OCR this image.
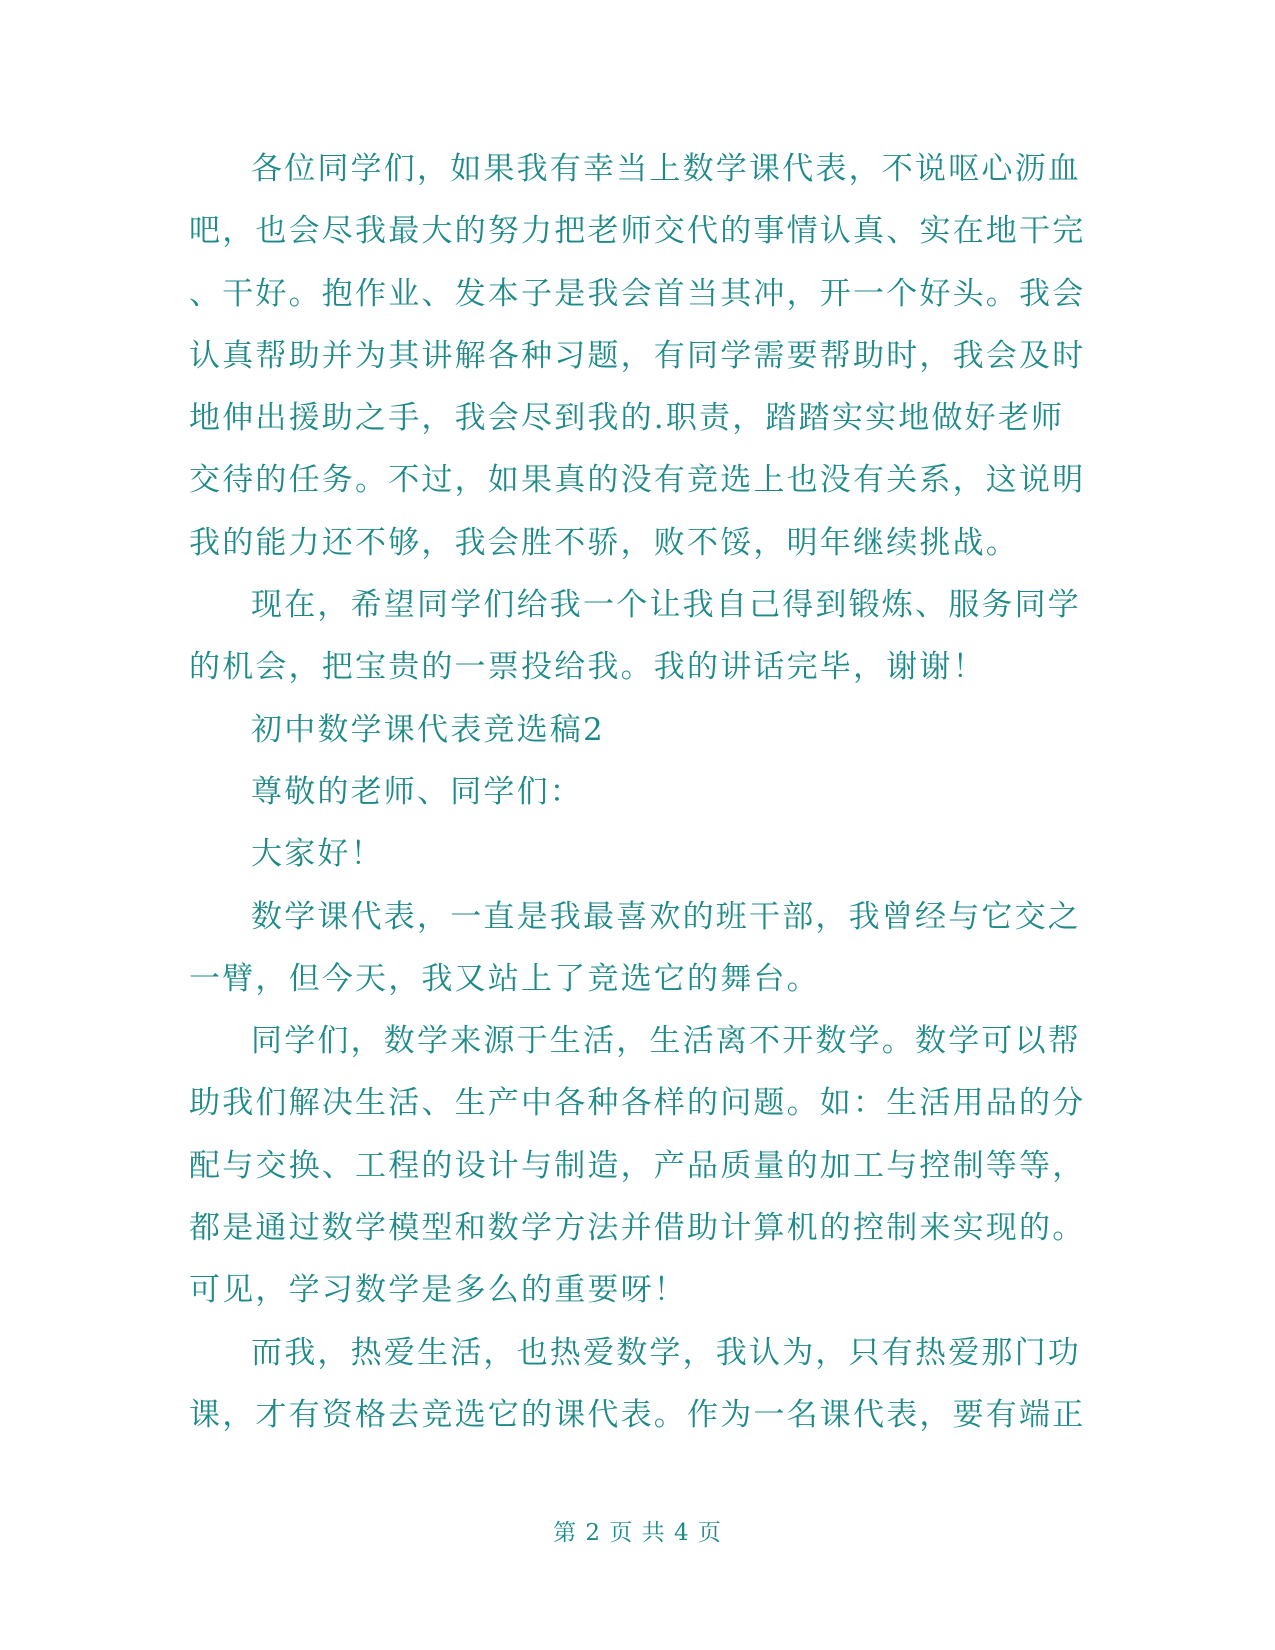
各位同学们，如果我有幸当上数学课代表，不说呕心沥血
吧，也会尽我最大的努力把老师交代的事情认真、实在地干完
、干好。抱作业、发本子是我会首当其冲，开一个好头。我会
认真帮助并为其讲解各种习题，有同学需要帮助时，我会及时
地伸出援助之手，我会尽到我的.职责，踏踏实实地做好老师
交待的任务。不过，如果真的没有竞选上也没有关系，这说明
我的能力还不够，我会胜不骄，败不馁，明年继续挑战。
现在，希望同学们给我一个让我自己得到锻炼、服务同学
的机会，把宝贵的一票投给我。我的讲话完毕，谢谢！
初中数学课代表竞选稿2
尊敬的老师、同学们：
大家好！
数学课代表，一直是我最喜欢的班干部，我曾经与它交之
一臂，但今天，我又站上了竞选它的舞台。
同学们，数学来源于生活，生活离不开数学。数学可以帮
助我们解决生活、生产中各种各样的问题。如：生活用品的分
配与交换、工程的设计与制造，产品质量的加工与控制等等，
都是通过数学模型和数学方法并借助计算机的控制来实现的。
可见，学习数学是多么的重要呀！
而我，热爱生活，也热爱数学，我认为，只有热爱那门功
课，才有资格去竞选它的课代表。作为一名课代表，要有端正
第 2 页 共 4 页
